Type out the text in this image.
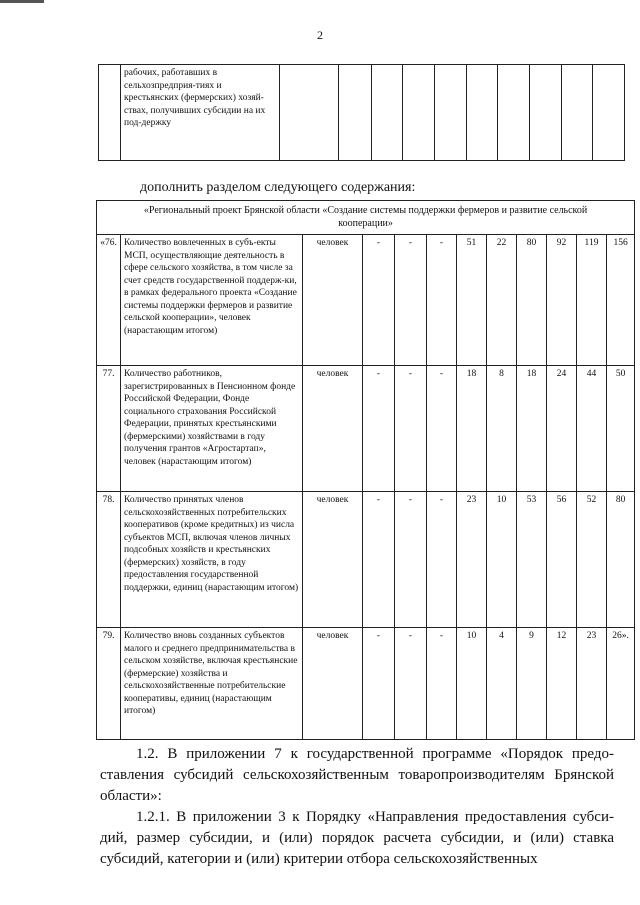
2
	рабочих, работавших в сельхозпредприя-тиях и крестьянских (фермерских) хозяй-ствах, получивших субсидии на их под-держку										
дополнить разделом следующего содержания:
«Региональный проект Брянской области «Создание системы поддержки фермеров и развитие сельской кооперации»											
«76.	Количество вовлеченных в субъ-екты МСП, осуществляющие деятельность в сфере сельского хозяйства, в том числе за счет средств государственной поддерж-ки, в рамках федерального проекта «Создание системы поддержки фермеров и развитие сельской кооперации», человек (нарастающим итогом)	человек	-	-	-	51	22	80	92	119	156
77.	Количество работников, зарегистрированных в Пенсионном фонде Российской Федерации, Фонде социального страхования Российской Федерации, принятых крестьянскими (фермерскими) хозяйствами в году получения грантов «Агростартап», человек (нарастающим итогом)	человек	-	-	-	18	8	18	24	44	50
78.	Количество принятых членов сельскохозяйственных потребительских кооперативов (кроме кредитных) из числа субъектов МСП, включая членов личных подсобных хозяйств и крестьянских (фермерских) хозяйств, в году предоставления государственной поддержки, единиц (нарастающим итогом)	человек	-	-	-	23	10	53	56	52	80
79.	Количество вновь созданных субъектов малого и среднего предпринимательства в сельском хозяйстве, включая крестьянские (фермерские) хозяйства и сельскохозяйственные потребительские кооперативы, единиц (нарастающим итогом)	человек	-	-	-	10	4	9	12	23	26».
1.2. В приложении 7 к государственной программе «Порядок предо-ставления субсидий сельскохозяйственным товаропроизводителям Брянской области»:
1.2.1. В приложении 3 к Порядку «Направления предоставления субси-дий, размер субсидии, и (или) порядок расчета субсидии, и (или) ставка субсидий, категории и (или) критерии отбора сельскохозяйственных
